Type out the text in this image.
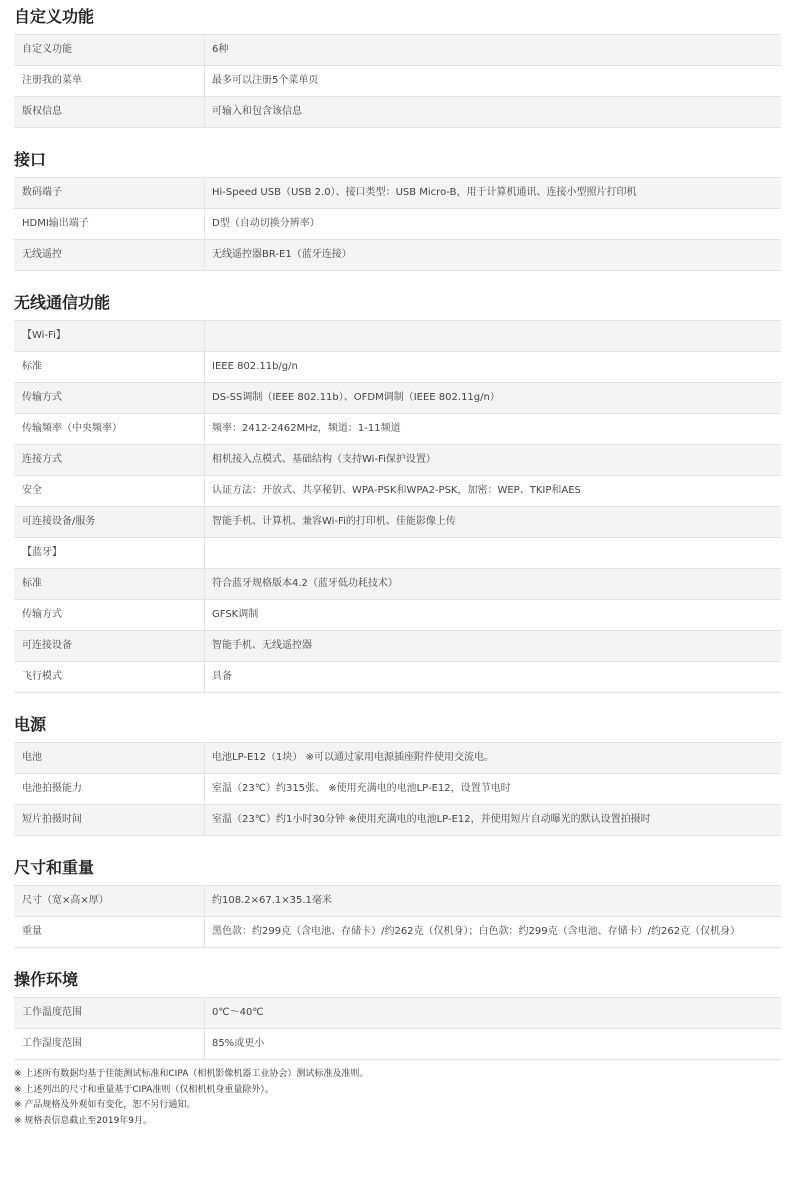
自定义功能
自定义功能	6种
注册我的菜单	最多可以注册5个菜单页
版权信息	可输入和包含该信息
接口
数码端子	Hi-Speed USB（USB 2.0）、接口类型：USB Micro-B，用于计算机通讯、连接小型照片打印机
HDMI输出端子	D型（自动切换分辨率）
无线遥控	无线遥控器BR-E1（蓝牙连接）
无线通信功能
【Wi-Fi】	
标准	IEEE 802.11b/g/n
传输方式	DS-SS调制（IEEE 802.11b）、OFDM调制（IEEE 802.11g/n）
传输频率（中央频率）	频率：2412-2462MHz，频道：1-11频道
连接方式	相机接入点模式、基础结构（支持Wi-Fi保护设置）
安全	认证方法：开放式、共享秘钥、WPA-PSK和WPA2-PSK，加密：WEP、TKIP和AES
可连接设备/服务	智能手机、计算机、兼容Wi-Fi的打印机、佳能影像上传
【蓝牙】	
标准	符合蓝牙规格版本4.2（蓝牙低功耗技术）
传输方式	GFSK调制
可连接设备	智能手机、无线遥控器
飞行模式	具备
电源
电池	电池LP-E12（1块） ※可以通过家用电源插座附件使用交流电。
电池拍摄能力	室温（23℃）约315张、 ※使用充满电的电池LP-E12，设置节电时
短片拍摄时间	室温（23℃）约1小时30分钟 ※使用充满电的电池LP-E12，并使用短片自动曝光的默认设置拍摄时
尺寸和重量
尺寸（宽×高×厚）	约108.2×67.1×35.1毫米
重量	黑色款：约299克（含电池、存储卡）/约262克（仅机身）；白色款：约299克（含电池、存储卡）/约262克（仅机身）
操作环境
工作温度范围	0℃～40℃
工作湿度范围	85%或更小
※ 上述所有数据均基于佳能测试标准和CIPA（相机影像机器工业协会）测试标准及准则。
※ 上述列出的尺寸和重量基于CIPA准则（仅相机机身重量除外）。
※ 产品规格及外观如有变化，恕不另行通知。
※ 规格表信息截止至2019年9月。
